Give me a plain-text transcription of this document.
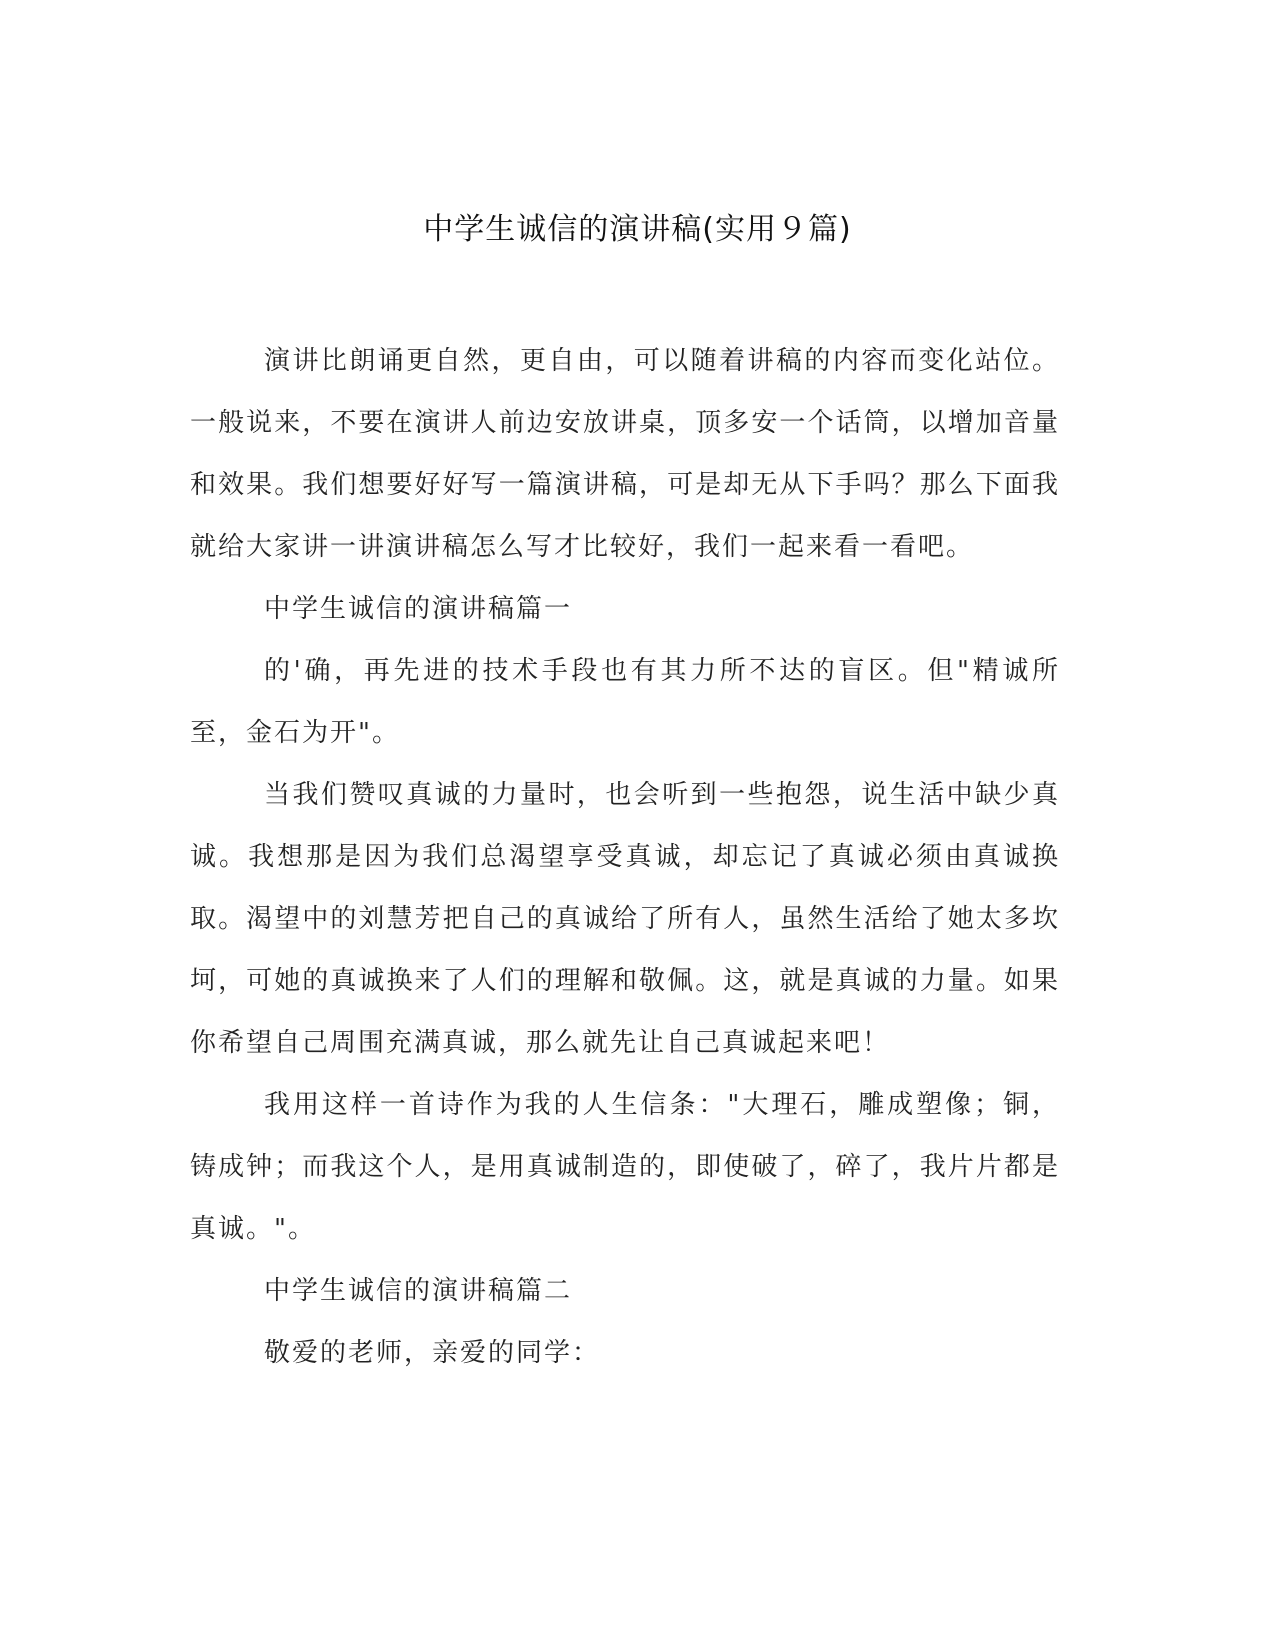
中学生诚信的演讲稿(实用９篇)

演讲比朗诵更自然，更自由，可以随着讲稿的内容而变化站位。一般说来，不要在演讲人前边安放讲桌，顶多安一个话筒，以增加音量和效果。我们想要好好写一篇演讲稿，可是却无从下手吗？那么下面我就给大家讲一讲演讲稿怎么写才比较好，我们一起来看一看吧。

中学生诚信的演讲稿篇一

的'确，再先进的技术手段也有其力所不达的盲区。但"精诚所至，金石为开"。

当我们赞叹真诚的力量时，也会听到一些抱怨，说生活中缺少真诚。我想那是因为我们总渴望享受真诚，却忘记了真诚必须由真诚换取。渴望中的刘慧芳把自己的真诚给了所有人，虽然生活给了她太多坎坷，可她的真诚换来了人们的理解和敬佩。这，就是真诚的力量。如果你希望自己周围充满真诚，那么就先让自己真诚起来吧！

我用这样一首诗作为我的人生信条："大理石，雕成塑像；铜，铸成钟；而我这个人，是用真诚制造的，即使破了，碎了，我片片都是真诚。"。

中学生诚信的演讲稿篇二

敬爱的老师，亲爱的同学：
